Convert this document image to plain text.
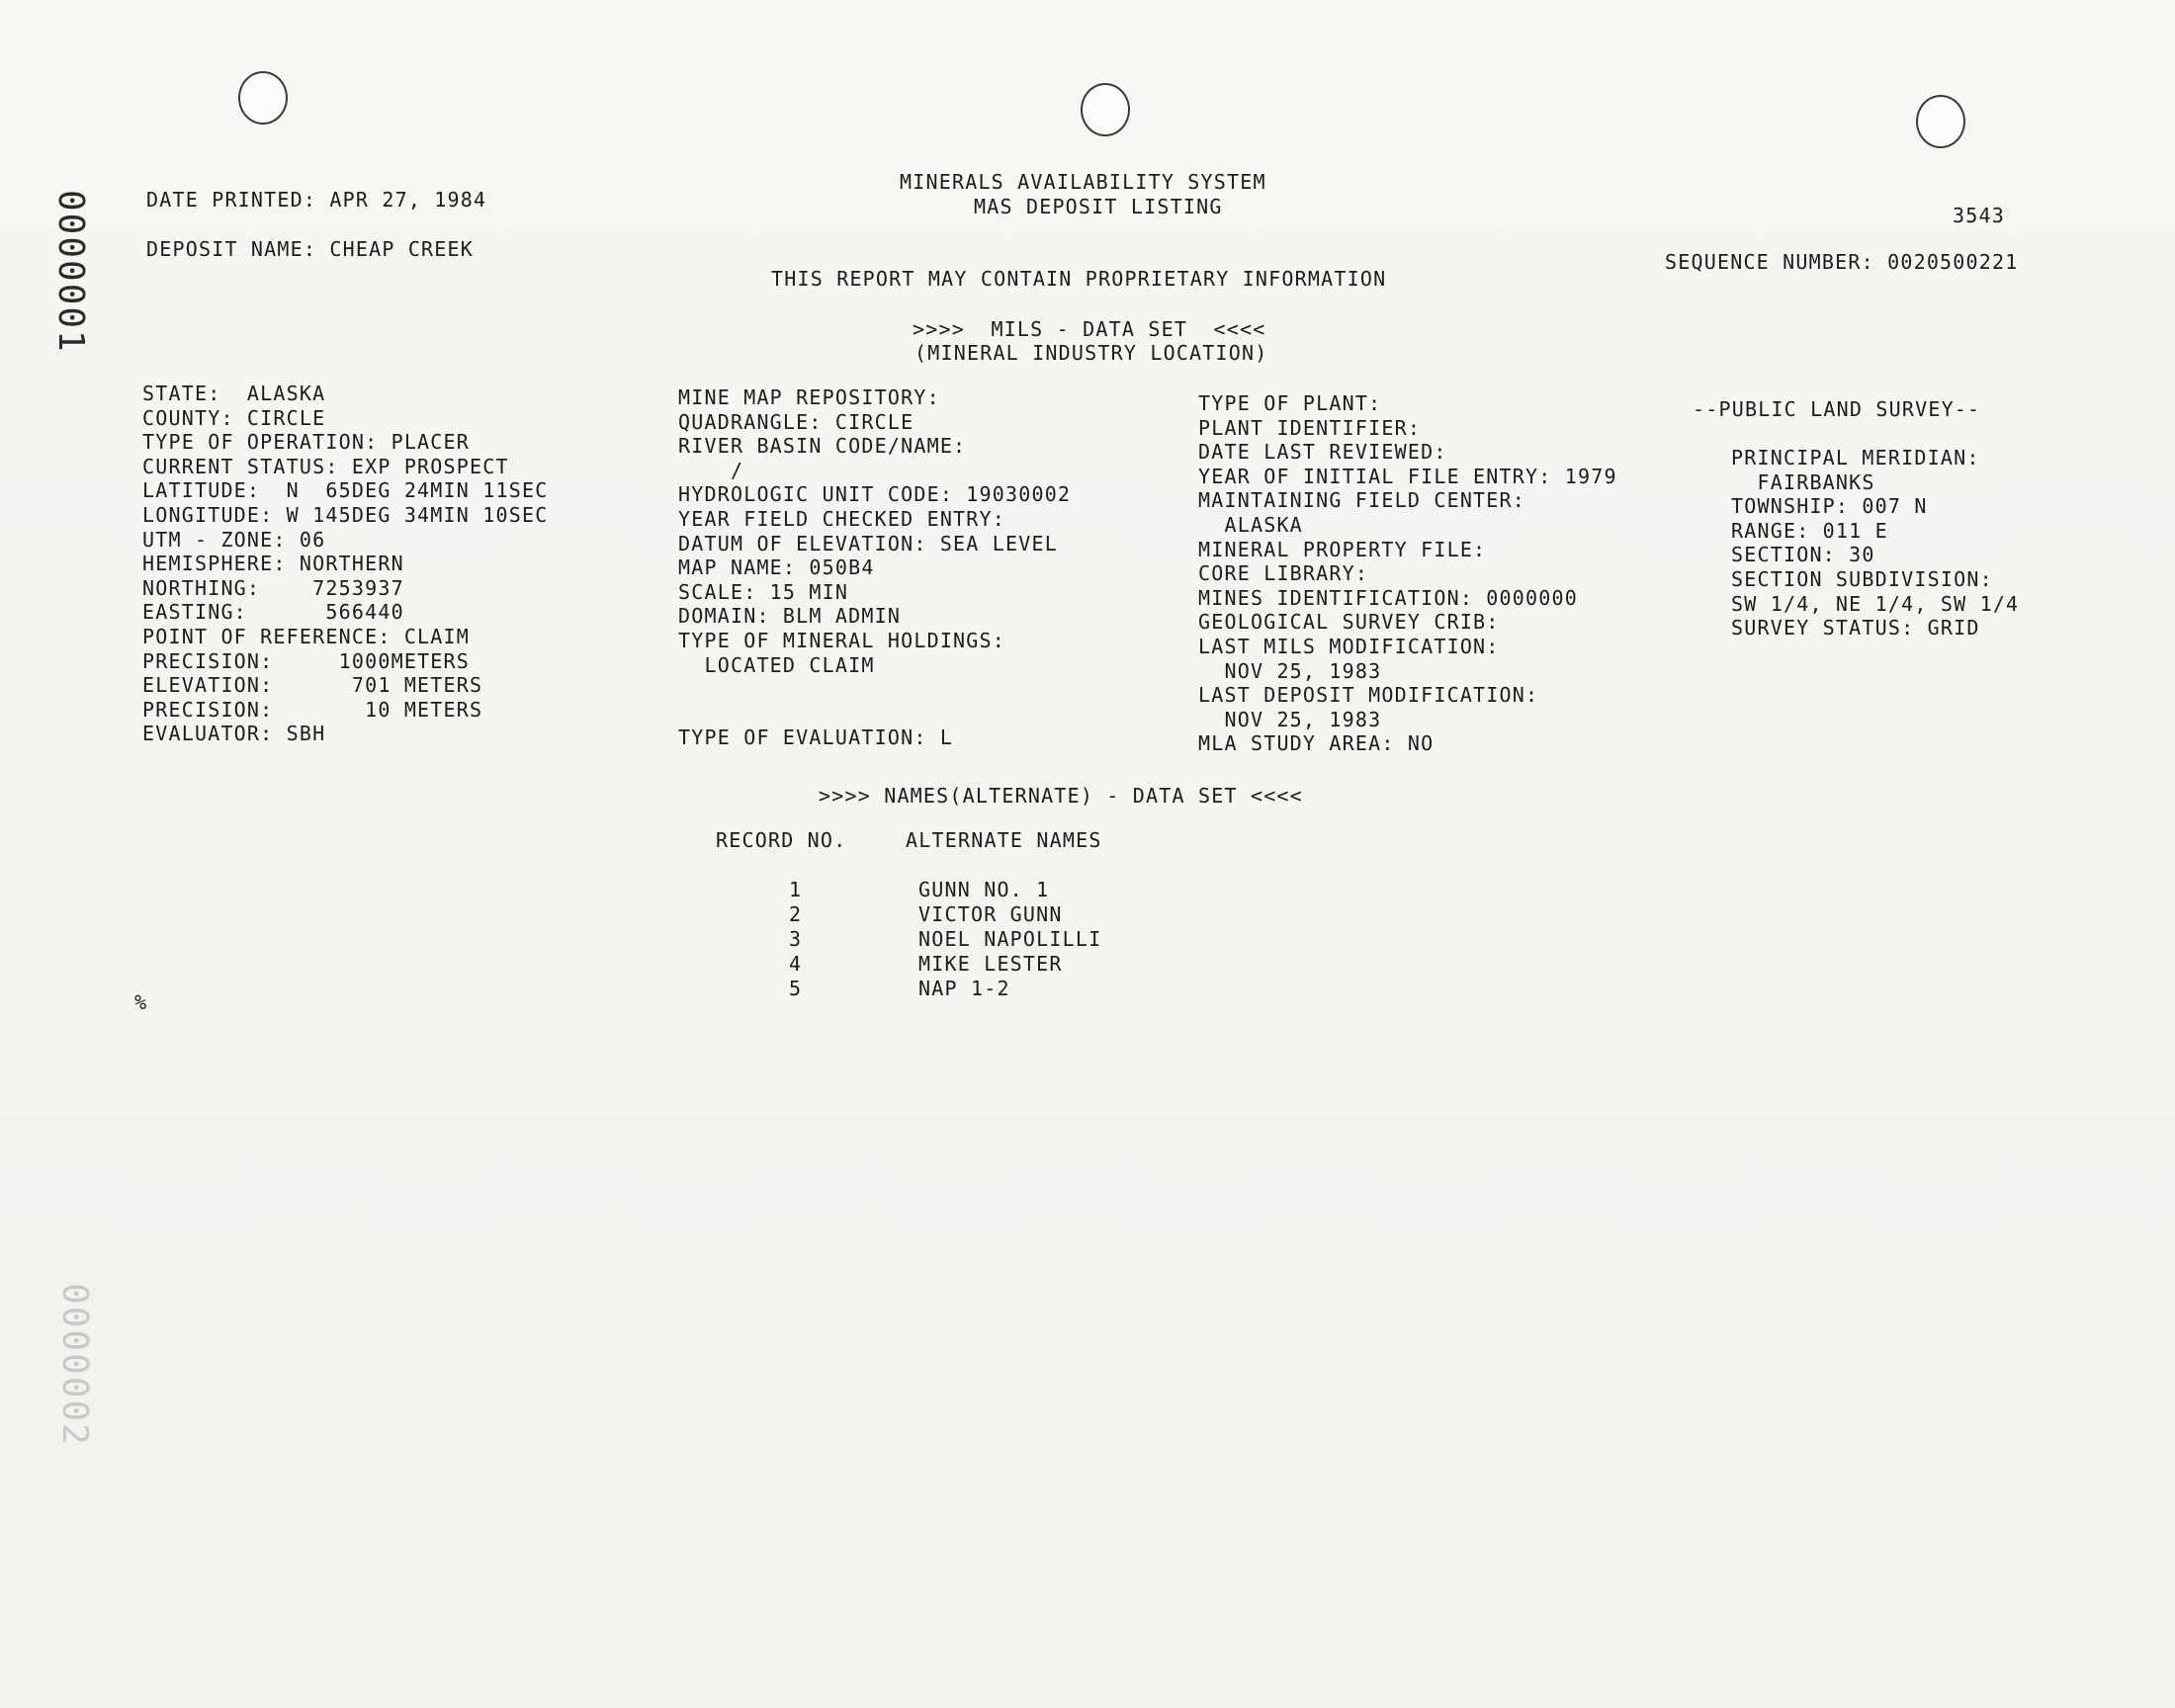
0000001

0000002

DATE PRINTED: APR 27, 1984

DEPOSIT NAME: CHEAP CREEK

MINERALS AVAILABILITY SYSTEM

MAS DEPOSIT LISTING	3543

SEQUENCE NUMBER: 0020500221

THIS REPORT MAY CONTAIN PROPRIETARY INFORMATION

>>>>  MILS - DATA SET  <<<<

(MINERAL INDUSTRY LOCATION)

STATE:  ALASKA
COUNTY: CIRCLE
TYPE OF OPERATION: PLACER
CURRENT STATUS: EXP PROSPECT
LATITUDE:  N  65DEG 24MIN 11SEC
LONGITUDE: W 145DEG 34MIN 10SEC
UTM - ZONE: 06
HEMISPHERE: NORTHERN
NORTHING:    7253937
EASTING:      566440
POINT OF REFERENCE: CLAIM
PRECISION:     1000METERS
ELEVATION:      701 METERS
PRECISION:       10 METERS
EVALUATOR: SBH
MINE MAP REPOSITORY:
QUADRANGLE: CIRCLE
RIVER BASIN CODE/NAME:
/
HYDROLOGIC UNIT CODE: 19030002
YEAR FIELD CHECKED ENTRY:
DATUM OF ELEVATION: SEA LEVEL
MAP NAME: 050B4
SCALE: 15 MIN
DOMAIN: BLM ADMIN
TYPE OF MINERAL HOLDINGS:
LOCATED CLAIM
TYPE OF EVALUATION: L
TYPE OF PLANT:
PLANT IDENTIFIER:
DATE LAST REVIEWED:
YEAR OF INITIAL FILE ENTRY: 1979
MAINTAINING FIELD CENTER:
ALASKA
MINERAL PROPERTY FILE:
CORE LIBRARY:
MINES IDENTIFICATION: 0000000
GEOLOGICAL SURVEY CRIB:
LAST MILS MODIFICATION:
NOV 25, 1983
LAST DEPOSIT MODIFICATION:
NOV 25, 1983
MLA STUDY AREA: NO

--PUBLIC LAND SURVEY--

PRINCIPAL MERIDIAN:
FAIRBANKS
TOWNSHIP: 007 N
RANGE: 011 E
SECTION: 30
SECTION SUBDIVISION:
SW 1/4, NE 1/4, SW 1/4
SURVEY STATUS: GRID

>>>> NAMES(ALTERNATE) - DATA SET <<<<

RECORD NO.	ALTERNATE NAMES
1	GUNN NO. 1
2	VICTOR GUNN
3	NOEL NAPOLILLI
4	MIKE LESTER
5	NAP 1-2

%
